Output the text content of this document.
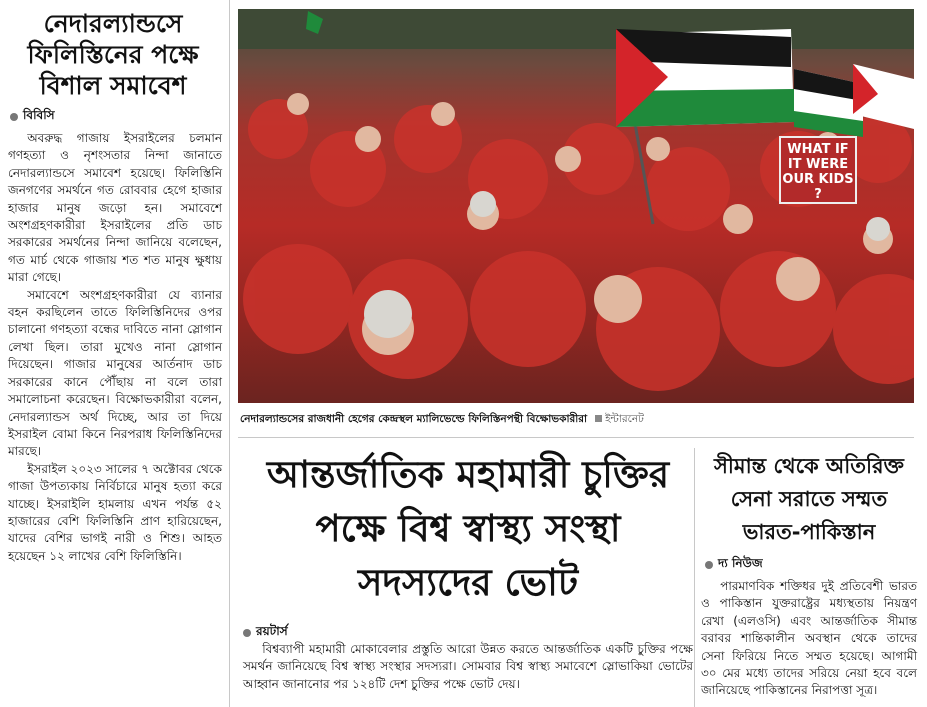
নেদারল্যান্ডসে ফিলিস্তিনের পক্ষে বিশাল সমাবেশ
বিবিসি

অবরুদ্ধ গাজায় ইসরাইলের চলমান গণহত্যা ও নৃশংসতার নিন্দা জানাতে নেদারল্যান্ডসে সমাবেশ হয়েছে। ফিলিস্তিনি জনগণের সমর্থনে গত রোববার হেগে হাজার হাজার মানুষ জড়ো হন। সমাবেশে অংশগ্রহণকারীরা ইসরাইলের প্রতি ডাচ সরকারের সমর্থনের নিন্দা জানিয়ে বলেছেন, গত মার্চ থেকে গাজায় শত শত মানুষ ক্ষুধায় মারা গেছে।

সমাবেশে অংশগ্রহণকারীরা যে ব্যানার বহন করছিলেন তাতে ফিলিস্তিনিদের ওপর চালানো গণহত্যা বন্ধের দাবিতে নানা স্লোগান লেখা ছিল। তারা মুখেও নানা স্লোগান দিয়েছেন। গাজার মানুষের আর্তনাদ ডাচ সরকারের কানে পৌঁছায় না বলে তারা সমালোচনা করেছেন। বিক্ষোভকারীরা বলেন, নেদারল্যান্ডস অর্থ দিচ্ছে, আর তা দিয়ে ইসরাইল বোমা কিনে নিরপরাধ ফিলিস্তিনিদের মারছে।

ইসরাইল ২০২৩ সালের ৭ অক্টোবর থেকে গাজা উপত্যকায় নির্বিচারে মানুষ হত্যা করে যাচ্ছে। ইসরাইলি হামলায় এখন পর্যন্ত ৫২ হাজারের বেশি ফিলিস্তিনি প্রাণ হারিয়েছেন, যাদের বেশির ভাগই নারী ও শিশু। আহত হয়েছেন ১২ লাখের বেশি ফিলিস্তিনি।

WHAT IF IT WERE OUR KIDS ?
নেদারল্যান্ডসের রাজধানী হেগের কেন্দ্রস্থল ম্যালিভেল্ডে ফিলিস্তিনপন্থী বিক্ষোভকারীরা	ইন্টারনেট
আন্তর্জাতিক মহামারী চুক্তির পক্ষে বিশ্ব স্বাস্থ্য সংস্থা সদস্যদের ভোট
রয়টার্স

বিশ্বব্যাপী মহামারী মোকাবেলার প্রস্তুতি আরো উন্নত করতে আন্তর্জাতিক একটি চুক্তির পক্ষে সমর্থন জানিয়েছে বিশ্ব স্বাস্থ্য সংস্থার সদস্যরা। সোমবার বিশ্ব স্বাস্থ্য সমাবেশে স্লোভাকিয়া ভোটের আহ্বান জানানোর পর ১২৪টি দেশ চুক্তির পক্ষে ভোট দেয়।

সীমান্ত থেকে অতিরিক্ত সেনা সরাতে সম্মত ভারত-পাকিস্তান
দ্য নিউজ

পারমাণবিক শক্তিধর দুই প্রতিবেশী ভারত ও পাকিস্তান যুক্তরাষ্ট্রের মধ্যস্থতায় নিয়ন্ত্রণ রেখা (এলওসি) এবং আন্তর্জাতিক সীমান্ত বরাবর শান্তিকালীন অবস্থান থেকে তাদের সেনা ফিরিয়ে নিতে সম্মত হয়েছে। আগামী ৩০ মের মধ্যে তাদের সরিয়ে নেয়া হবে বলে জানিয়েছে পাকিস্তানের নিরাপত্তা সূত্র।
